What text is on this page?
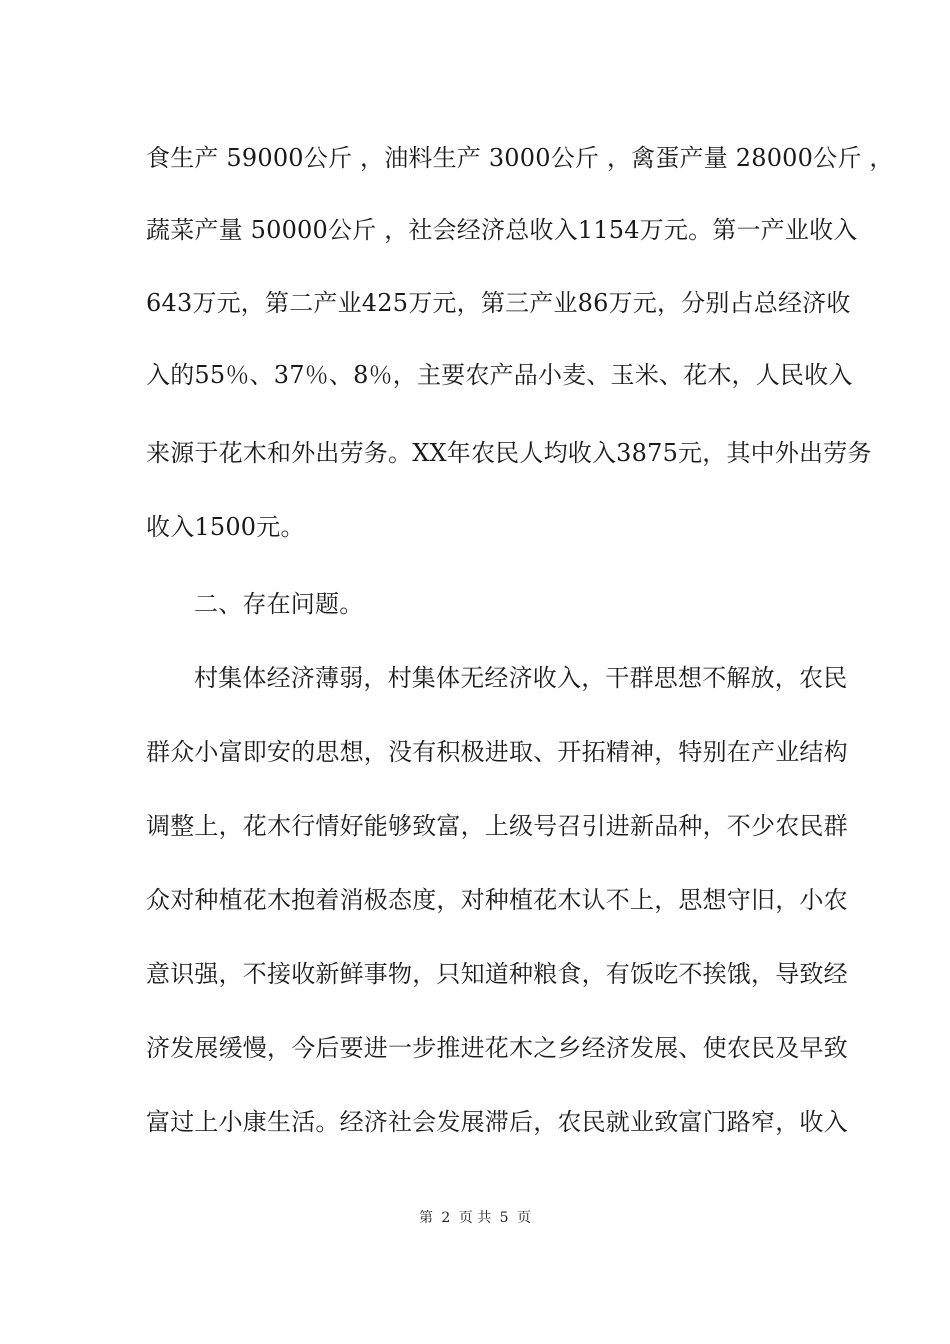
食生产 59000公斤 ，油料生产 3000公斤 ，禽蛋产量 28000公斤 ，
蔬菜产量 50000公斤 ，社会经济总收入1154万元。第一产业收入
643万元，第二产业425万元，第三产业86万元，分别占总经济收
入的55％、37％、8％，主要农产品小麦、玉米、花木，人民收入
来源于花木和外出劳务。XX年农民人均收入3875元，其中外出劳务
收入1500元。
二、存在问题。
村集体经济薄弱，村集体无经济收入，干群思想不解放，农民
群众小富即安的思想，没有积极进取、开拓精神，特别在产业结构
调整上，花木行情好能够致富，上级号召引进新品种，不少农民群
众对种植花木抱着消极态度，对种植花木认不上，思想守旧，小农
意识强，不接收新鲜事物，只知道种粮食，有饭吃不挨饿，导致经
济发展缓慢，今后要进一步推进花木之乡经济发展、使农民及早致
富过上小康生活。经济社会发展滞后，农民就业致富门路窄，收入
第 2 页 共 5 页
